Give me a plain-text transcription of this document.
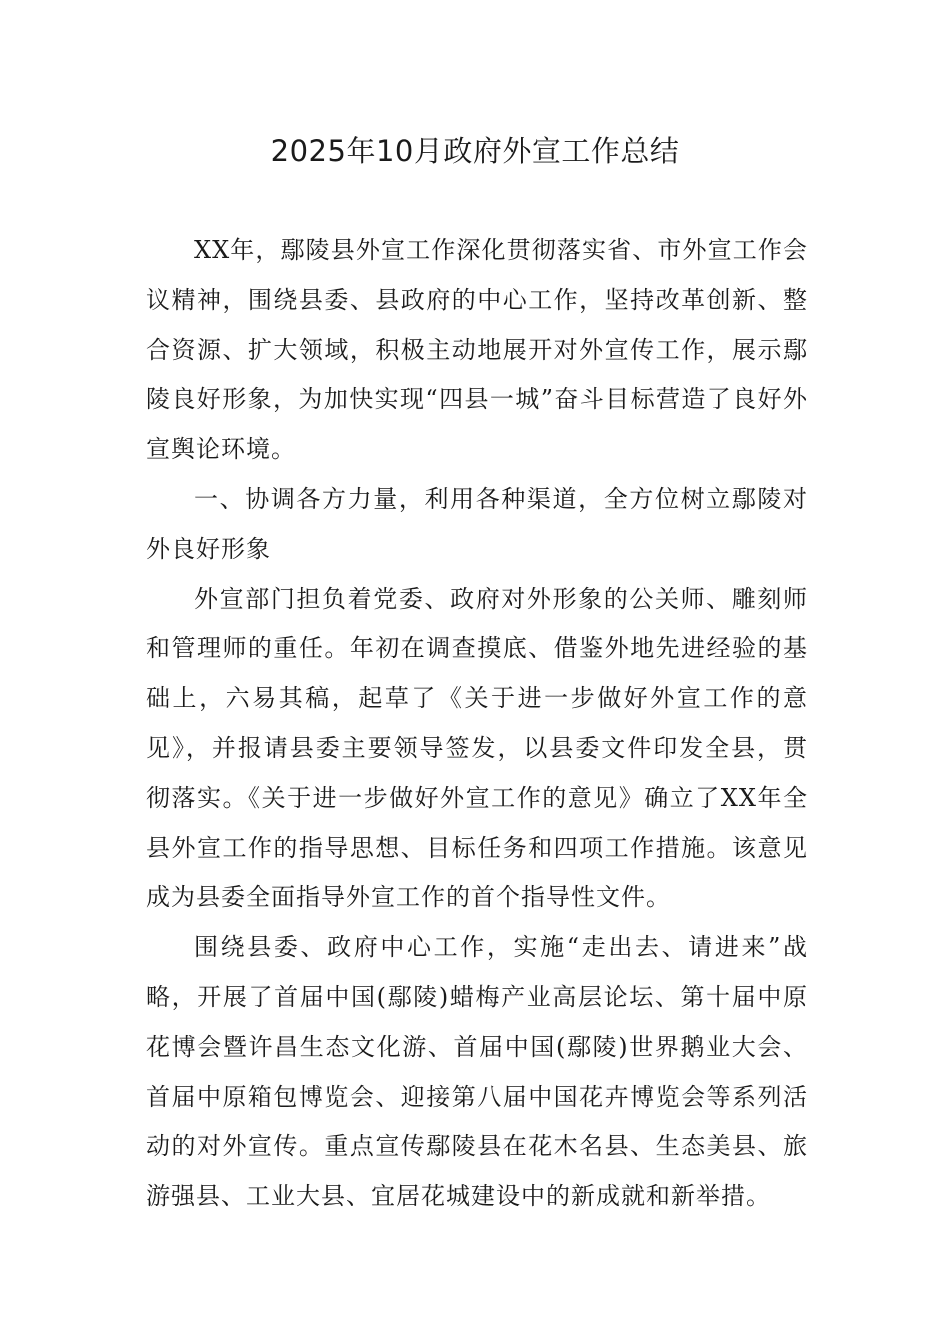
2025年10月政府外宣工作总结

XX年，鄢陵县外宣工作深化贯彻落实省、市外宣工作会议精神，围绕县委、县政府的中心工作，坚持改革创新、整合资源、扩大领域，积极主动地展开对外宣传工作，展示鄢陵良好形象，为加快实现“四县一城”奋斗目标营造了良好外宣舆论环境。

一、协调各方力量，利用各种渠道，全方位树立鄢陵对外良好形象

外宣部门担负着党委、政府对外形象的公关师、雕刻师和管理师的重任。年初在调查摸底、借鉴外地先进经验的基础上，六易其稿，起草了《关于进一步做好外宣工作的意见》，并报请县委主要领导签发，以县委文件印发全县，贯彻落实。《关于进一步做好外宣工作的意见》确立了XX年全县外宣工作的指导思想、目标任务和四项工作措施。该意见成为县委全面指导外宣工作的首个指导性文件。

围绕县委、政府中心工作，实施“走出去、请进来”战略，开展了首届中国(鄢陵)蜡梅产业高层论坛、第十届中原花博会暨许昌生态文化游、首届中国(鄢陵)世界鹅业大会、首届中原箱包博览会、迎接第八届中国花卉博览会等系列活动的对外宣传。重点宣传鄢陵县在花木名县、生态美县、旅游强县、工业大县、宜居花城建设中的新成就和新举措。
